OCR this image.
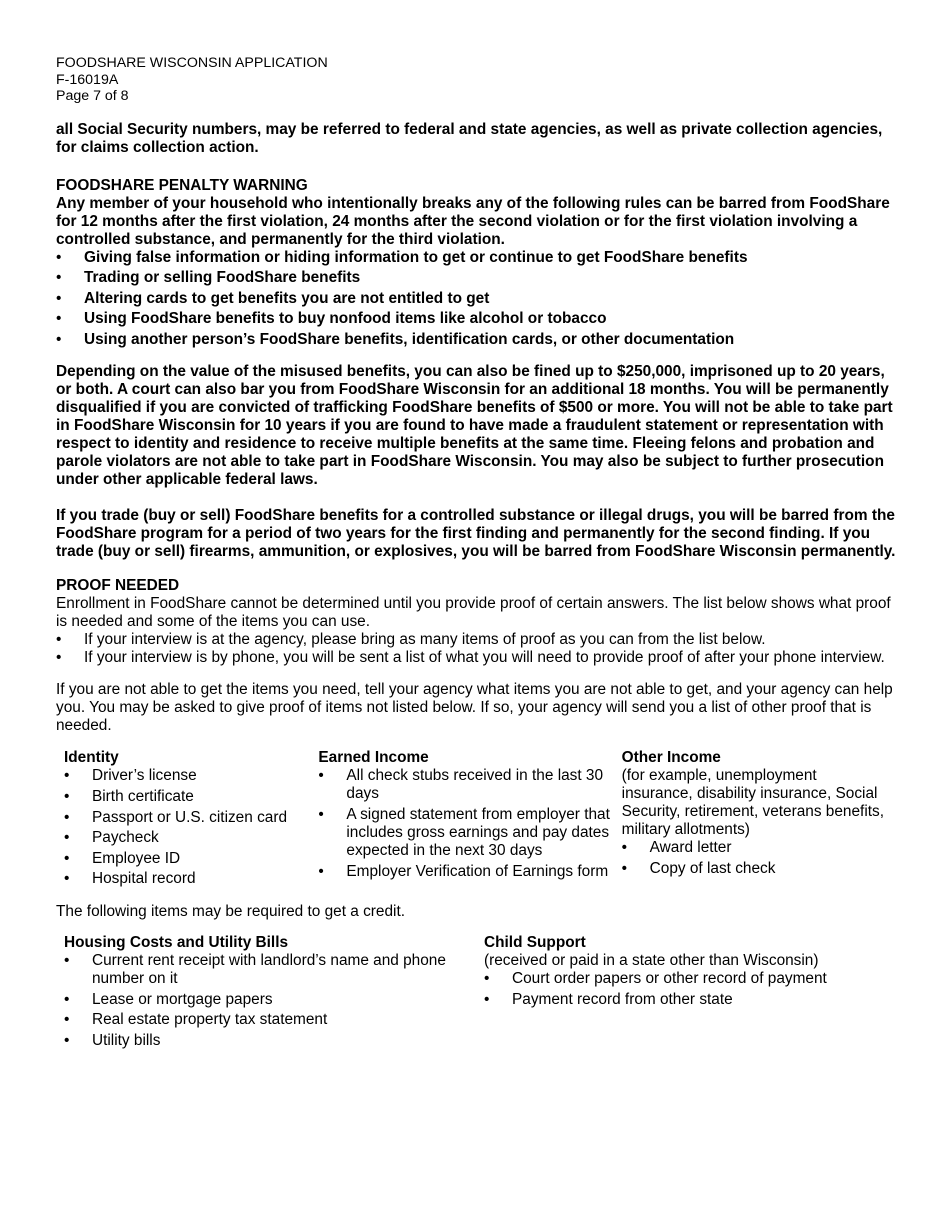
FOODSHARE WISCONSIN APPLICATION
F-16019A
Page 7 of 8

all Social Security numbers, may be referred to federal and state agencies, as well as private collection agencies, for claims collection action.

FOODSHARE PENALTY WARNING

Any member of your household who intentionally breaks any of the following rules can be barred from FoodShare for 12 months after the first violation, 24 months after the second violation or for the first violation involving a controlled substance, and permanently for the third violation.

• Giving false information or hiding information to get or continue to get FoodShare benefits
• Trading or selling FoodShare benefits
• Altering cards to get benefits you are not entitled to get
• Using FoodShare benefits to buy nonfood items like alcohol or tobacco
• Using another person’s FoodShare benefits, identification cards, or other documentation

Depending on the value of the misused benefits, you can also be fined up to $250,000, imprisoned up to 20 years, or both. A court can also bar you from FoodShare Wisconsin for an additional 18 months. You will be permanently disqualified if you are convicted of trafficking FoodShare benefits of $500 or more. You will not be able to take part in FoodShare Wisconsin for 10 years if you are found to have made a fraudulent statement or representation with respect to identity and residence to receive multiple benefits at the same time. Fleeing felons and probation and parole violators are not able to take part in FoodShare Wisconsin. You may also be subject to further prosecution under other applicable federal laws.

If you trade (buy or sell) FoodShare benefits for a controlled substance or illegal drugs, you will be barred from the FoodShare program for a period of two years for the first finding and permanently for the second finding. If you trade (buy or sell) firearms, ammunition, or explosives, you will be barred from FoodShare Wisconsin permanently.

PROOF NEEDED

Enrollment in FoodShare cannot be determined until you provide proof of certain answers. The list below shows what proof is needed and some of the items you can use.

• If your interview is at the agency, please bring as many items of proof as you can from the list below.
• If your interview is by phone, you will be sent a list of what you will need to provide proof of after your phone interview.

If you are not able to get the items you need, tell your agency what items you are not able to get, and your agency can help you. You may be asked to give proof of items not listed below. If so, your agency will send you a list of other proof that is needed.

Identity
• Driver’s license
• Birth certificate
• Passport or U.S. citizen card
• Paycheck
• Employee ID
• Hospital record
Earned Income
• All check stubs received in the last 30 days
• A signed statement from employer that includes gross earnings and pay dates expected in the next 30 days
• Employer Verification of Earnings form
Other Income
(for example, unemployment insurance, disability insurance, Social Security, retirement, veterans benefits, military allotments)
• Award letter
• Copy of last check

The following items may be required to get a credit.

Housing Costs and Utility Bills
• Current rent receipt with landlord’s name and phone number on it
• Lease or mortgage papers
• Real estate property tax statement
• Utility bills
Child Support
(received or paid in a state other than Wisconsin)
• Court order papers or other record of payment
• Payment record from other state
